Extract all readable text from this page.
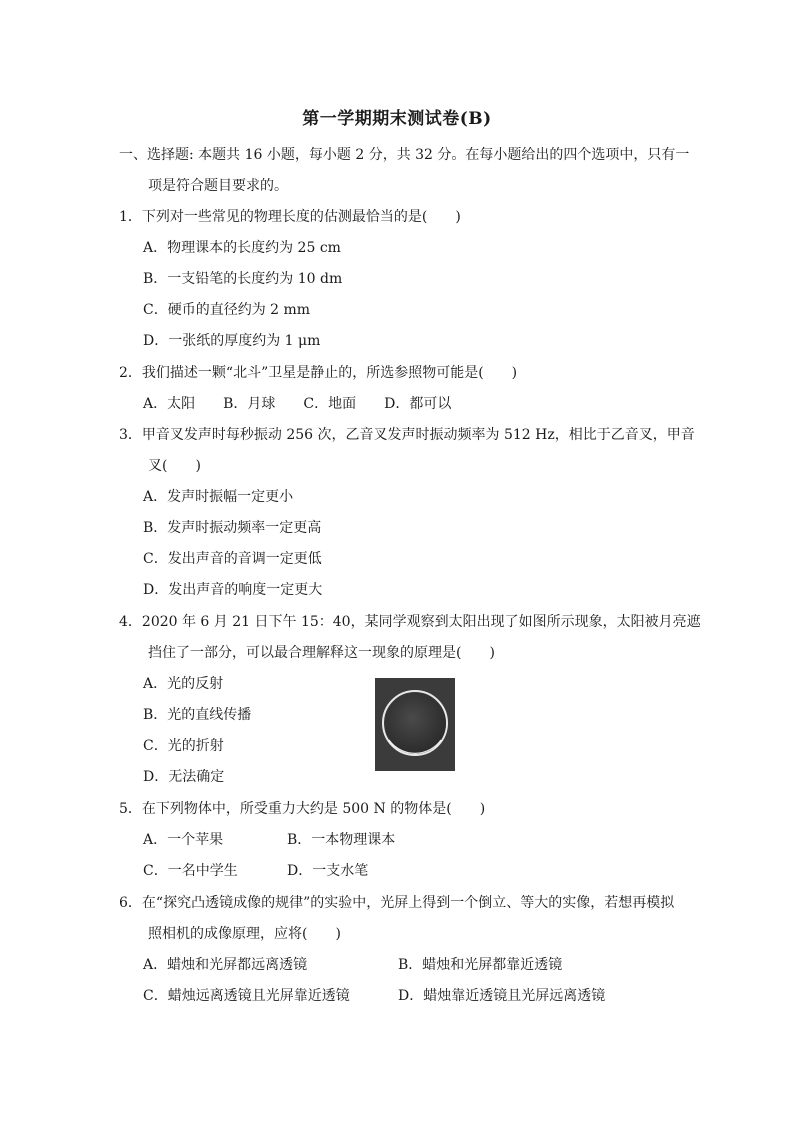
第一学期期末测试卷(B)
一、选择题: 本题共 16 小题，每小题 2 分，共 32 分。在每小题给出的四个选项中，只有一
项是符合题目要求的。
1．下列对一些常见的物理长度的估测最恰当的是(　　)
A．物理课本的长度约为 25 cm
B．一支铅笔的长度约为 10 dm
C．硬币的直径约为 2 mm
D．一张纸的厚度约为 1 μm
2．我们描述一颗“北斗”卫星是静止的，所选参照物可能是(　　)
A．太阳 B．月球 C．地面 D．都可以
3．甲音叉发声时每秒振动 256 次，乙音叉发声时振动频率为 512 Hz，相比于乙音叉，甲音
叉(　　)
A．发声时振幅一定更小
B．发声时振动频率一定更高
C．发出声音的音调一定更低
D．发出声音的响度一定更大
4．2020 年 6 月 21 日下午 15：40，某同学观察到太阳出现了如图所示现象，太阳被月亮遮
挡住了一部分，可以最合理解释这一现象的原理是(　　)
A．光的反射
B．光的直线传播
C．光的折射
D．无法确定
5．在下列物体中，所受重力大约是 500 N 的物体是(　　)
A．一个苹果	B．一本物理课本
C．一名中学生	D．一支水笔
6．在“探究凸透镜成像的规律”的实验中，光屏上得到一个倒立、等大的实像，若想再模拟
照相机的成像原理，应将(　　)
A．蜡烛和光屏都远离透镜	B．蜡烛和光屏都靠近透镜
C．蜡烛远离透镜且光屏靠近透镜	D．蜡烛靠近透镜且光屏远离透镜
